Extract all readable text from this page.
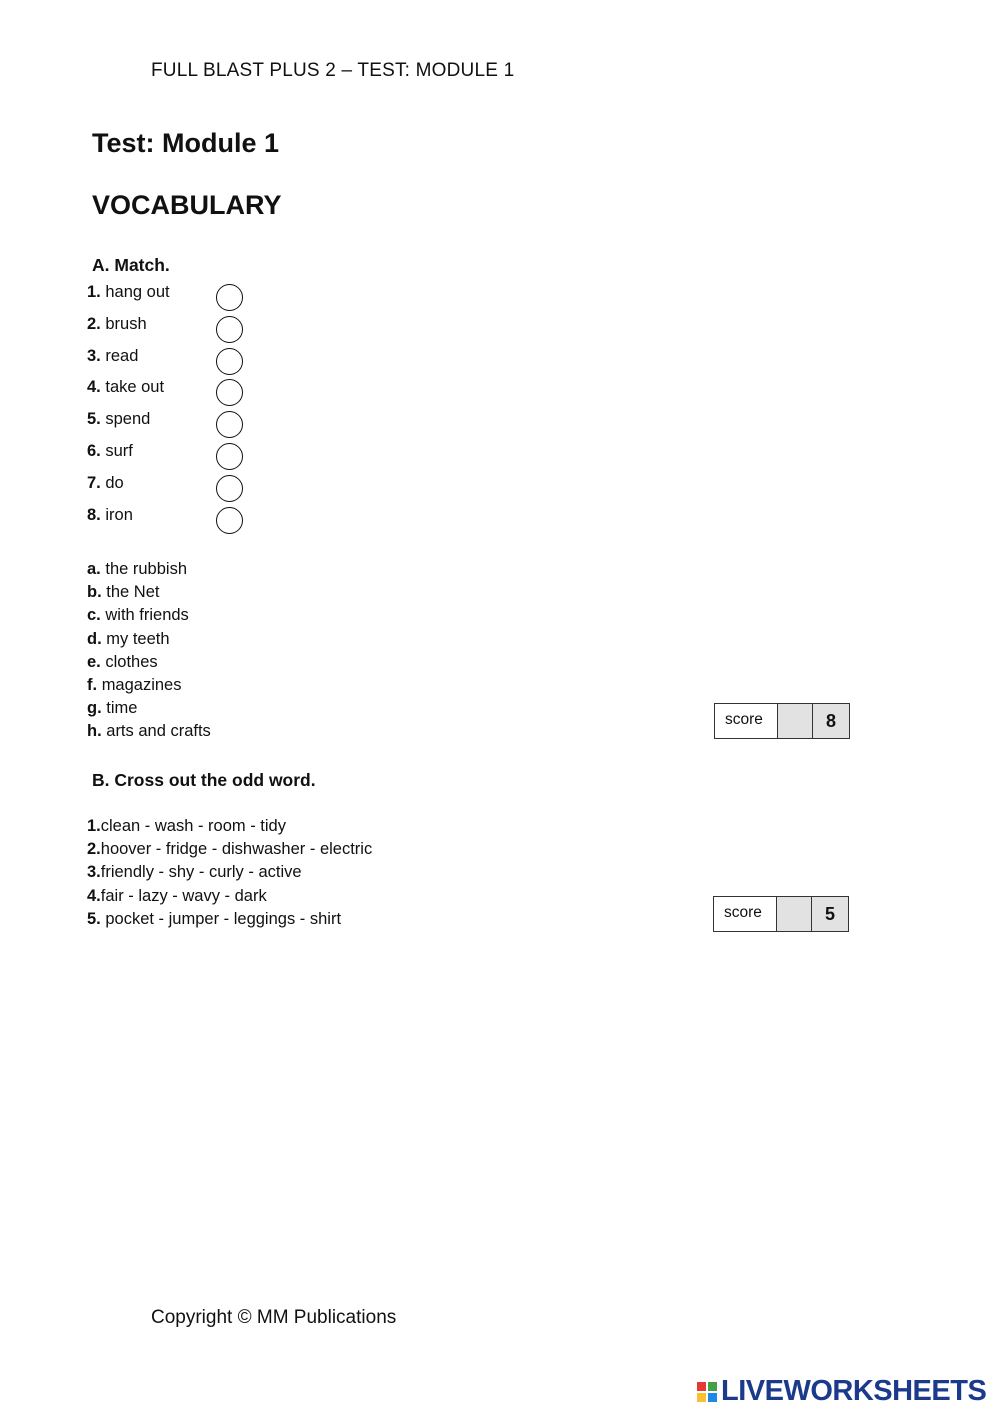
FULL BLAST PLUS 2 – TEST: MODULE 1
Test: Module 1
VOCABULARY
A. Match.
1. hang out
2. brush
3. read
4. take out
5. spend
6. surf
7. do
8. iron
a. the rubbish
b. the Net
c. with friends
d. my teeth
e. clothes
f. magazines
g. time
h. arts and crafts
score	8
B. Cross out the odd word.
1.clean - wash - room - tidy
2.hoover - fridge - dishwasher - electric
3.friendly - shy - curly - active
4.fair - lazy - wavy - dark
5. pocket - jumper - leggings - shirt	score	5
Copyright © MM Publications
LIVEWORKSHEETS
